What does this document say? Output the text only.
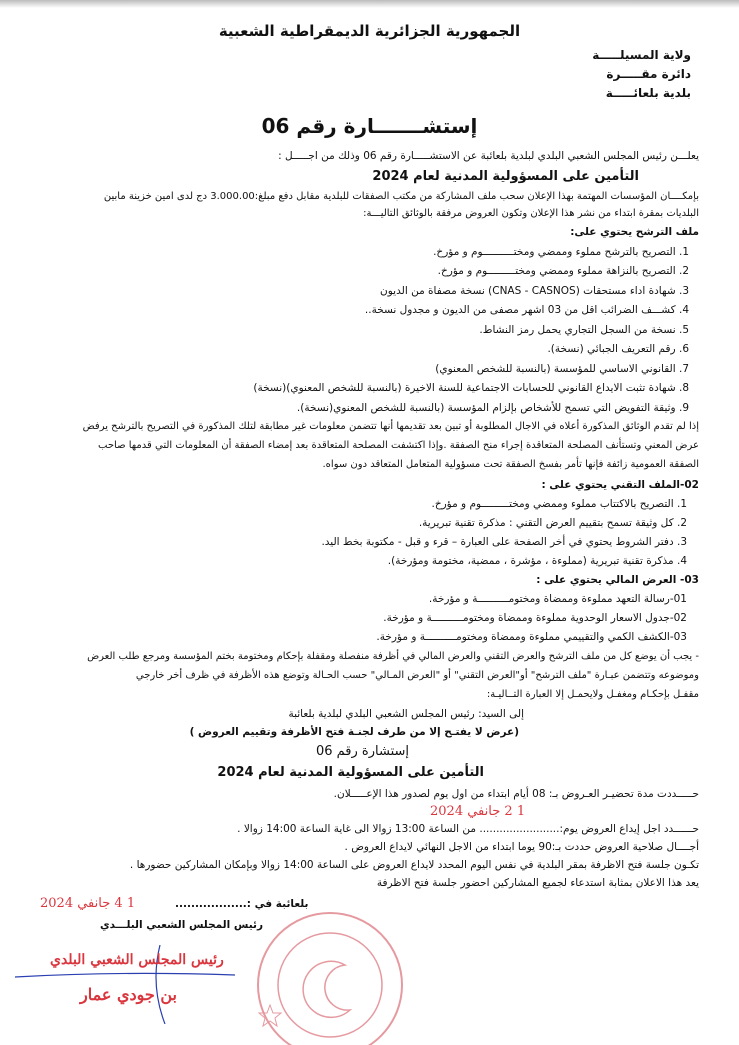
الجمهورية الجزائرية الديمقراطية الشعبية
ولاية المسيلـــــة
دائرة مقـــــرة
بلدية بلعائـــــة
إستشـــــــارة رقم 06
يعلـــن رئيس المجلس الشعبي البلدي لبلدية بلعائبة عن الاستشـــــارة رقم 06 وذلك من اجـــــل :
التأمين على المسؤولية المدنية لعام 2024
بإمكــــان المؤسسات المهتمة بهذا الإعلان سحب ملف المشاركة من مكتب الصفقات للبلدية مقابل دفع مبلغ:3.000.00 دج لدى امين خزينة مابين
البلديات بمقرة ابتداء من نشر هذا الإعلان وتكون العروض مرفقة بالوثائق التاليـــة:
ملف الترشح يحتوي على:
1. التصريح بالترشح مملوء وممضي ومختــــــــــوم و مؤرخ.
2. التصريح بالنزاهة مملوء وممضي ومختـــــــــوم و مؤرخ.
3. شهادة اداء مستحقات (CNAS - CASNOS) نسخة مصفاة من الديون
4. كشـــف الضرائب اقل من 03 اشهر مصفى من الديون و مجدول نسخة..
5. نسخة من السجل التجاري يحمل رمز النشاط.
6. رقم التعريف الجبائي (نسخة).
7. القانوني الاساسي للمؤسسة (بالنسبة للشخص المعنوي)
8. شهادة تثبت الايداع القانوني للحسابات الاجتماعية للسنة الاخيرة (بالنسبة للشخص المعنوي)(نسخة)
9. وثيقة التفويض التي تسمح للأشخاص بإلزام المؤسسة (بالنسبة للشخص المعنوي(نسخة).
إذا لم تقدم الوثائق المذكورة أعلاه في الاجال المطلوبة أو تبين بعد تقديمها أنها تتضمن معلومات غير مطابقة لتلك المذكورة في التصريح بالترشح يرفض
عرض المعني وتستأنف المصلحة المتعاقدة إجراء منح الصفقة .وإذا اكتشفت المصلحة المتعاقدة بعد إمضاء الصفقة أن المعلومات التي قدمها صاحب
الصفقة العمومية زائفة فإنها تأمر بفسخ الصفقة تحت مسؤولية المتعامل المتعاقد دون سواه.
02-الملف التقني يحتوي على :
1. التصريح بالاكتتاب مملوء وممضي ومختـــــــــوم و مؤرخ.
2. كل وثيقة تسمح بتقييم العرض التقني : مذكرة تقنية تبريرية.
3. دفتر الشروط يحتوي في أخر الصفحة على العبارة – قرء و قبل - مكتوبة بخط اليد.
4. مذكرة تقنية تبريرية (مملوءة ، مؤشرة ، ممضية، مختومة ومؤرخة).
03- العرض المالي يحتوي على :
01-رسالة التعهد مملوءة وممضاة ومختومــــــــــة و مؤرخة.
02-جدول الاسعار الوحدوية مملوءة وممضاة ومختومــــــــــة و مؤرخة.
03-الكشف الكمي والتقييمي مملوءة وممضاة ومختومــــــــــة و مؤرخة.
- يجب أن يوضع كل من ملف الترشح والعرض التقني والعرض المالي في أظرفة منفصلة ومقفلة بإحكام ومختومة بختم المؤسسة ومرجع طلب العرض
وموضوعه وتتضمن عبـارة "ملف الترشح" أو"العرض التقني" أو "العرض المـالي" حسب الحـالة وتوضع هذه الأظرفة في ظرف أخر خارجي
مقفـل بإحكـام ومغفـل ولايحمـل إلا العبارة التــاليـة:
إلى السيد: رئيس المجلس الشعبي البلدي لبلدية بلعائبة
(عرض لا يفتـح إلا من طرف لجنـة فتح الأظرفة وتقييم العروض )
إستشارة رقم 06
التأمين على المسؤولية المدنية لعام 2024
حـــــددت مدة تحضيـر العـروض بـ: 08 أيام ابتداء من اول يوم لصدور هذا الإعـــــلان.
1 2 جانفي 2024
حــــــدد اجل إيداع العروض يوم:........................ من الساعة 13:00 زوالا الى غاية الساعة 14:00 زوالا .
أجــــال صلاحية العروض حددت بـ:90 يوما ابتداء من الاجل النهائي لايداع العروض .
تكـون جلسة فتح الاظرفة بمقر البلدية في نفس اليوم المحدد لايداع العروض على الساعة 14:00 زوالا وبإمكان المشاركين حضورها .
يعد هذا الاعلان بمثابة استدعاء لجميع المشاركين احضور جلسة فتح الاظرفة
1 4 جانفي 2024	بلعائبة في :..................
رئيس المجلس الشعبي البلـــدي
رئيس المجلس الشعبي البلدي
بن جودي عمار
